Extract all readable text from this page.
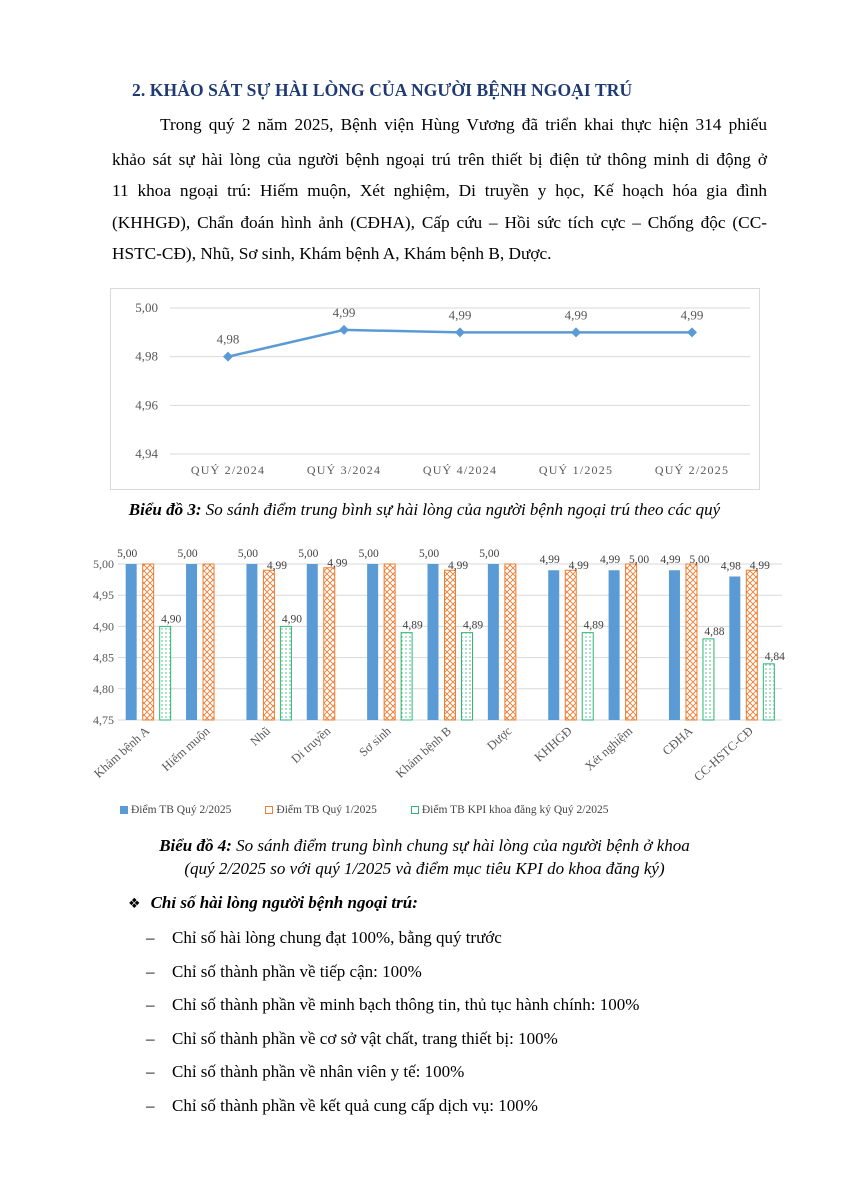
2. KHẢO SÁT SỰ HÀI LÒNG CỦA NGƯỜI BỆNH NGOẠI TRÚ
Trong quý 2 năm 2025, Bệnh viện Hùng Vương đã triển khai thực hiện 314 phiếu
khảo sát sự hài lòng của người bệnh ngoại trú trên thiết bị điện tử thông minh di động ở
11 khoa ngoại trú: Hiếm muộn, Xét nghiệm, Di truyền y học, Kế hoạch hóa gia đình
(KHHGĐ), Chẩn đoán hình ảnh (CĐHA), Cấp cứu – Hồi sức tích cực – Chống độc (CC-
HSTC-CĐ), Nhũ, Sơ sinh, Khám bệnh A, Khám bệnh B, Dược.
4,94
4,96
4,98
5,00
QUÝ 2/2024	QUÝ 3/2024	QUÝ 4/2024	QUÝ 1/2025	QUÝ 2/2025
4,98
4,99	4,99	4,99	4,99
Biểu đồ 3: So sánh điểm trung bình sự hài lòng của người bệnh ngoại trú theo các quý
4,75
4,80
4,85
4,90
4,95
5,00
5,00
4,90
Khám bệnh A
5,00
Hiếm muộn
5,00
4,99
4,90
Nhũ
5,00
4,99
Di truyền
5,00
4,89
Sơ sinh
5,00
4,99
4,89
Khám bệnh B
5,00
Dược
4,99 4,99
4,89
KHHGĐ
4,99 5,00
Xét nghiệm
4,99 5,00
4,88
CĐHA
4,98 4,99
4,84
CC-HSTC-CĐ
Điểm TB Quý 2/2025	Điểm TB Quý 1/2025	Điểm TB KPI khoa đăng ký Quý 2/2025
Biểu đồ 4: So sánh điểm trung bình chung sự hài lòng của người bệnh ở khoa
(quý 2/2025 so với quý 1/2025 và điểm mục tiêu KPI do khoa đăng ký)
❖ Chỉ số hài lòng người bệnh ngoại trú:
– Chỉ số hài lòng chung đạt 100%, bằng quý trước
– Chỉ số thành phần về tiếp cận: 100%
– Chỉ số thành phần về minh bạch thông tin, thủ tục hành chính: 100%
– Chỉ số thành phần về cơ sở vật chất, trang thiết bị: 100%
– Chỉ số thành phần về nhân viên y tế: 100%
– Chỉ số thành phần về kết quả cung cấp dịch vụ: 100%
